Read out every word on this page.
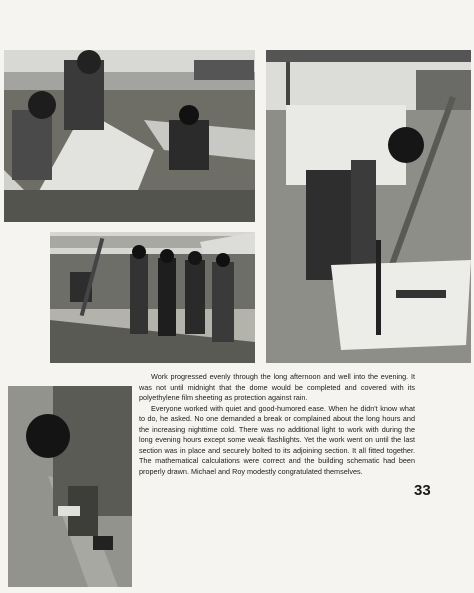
Work progressed evenly through the long afternoon and well into the evening. It was not until midnight that the dome would be completed and covered with its polyethylene film sheeting as protection against rain.

Everyone worked with quiet and good-humored ease. When he didn't know what to do, he asked. No one demanded a break or complained about the long hours and the increasing nighttime cold. There was no additional light to work with during the long evening hours except some weak flashlights. Yet the work went on until the last section was in place and securely bolted to its adjoining section. It all fitted together. The mathematical calculations were correct and the building schematic had been properly drawn. Michael and Roy modestly congratulated themselves.

33
